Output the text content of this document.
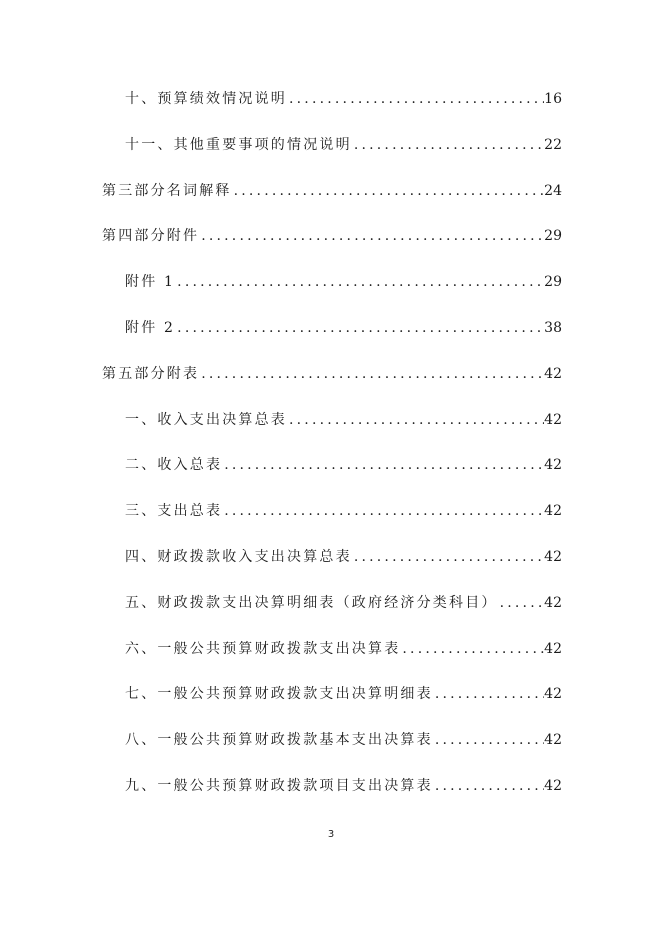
十、预算绩效情况说明 .....	16
十一、其他重要事项的情况说明 .....	22
第三部分名词解释 .....	24
第四部分附件 .....	29
附件 1 .....	29
附件 2 .....	38
第五部分附表 .....	42
一、收入支出决算总表 .....	42
二、收入总表 .....	42
三、支出总表 .....	42
四、财政拨款收入支出决算总表 .....	42
五、财政拨款支出决算明细表（政府经济分类科目） .....	42
六、一般公共预算财政拨款支出决算表 .....	42
七、一般公共预算财政拨款支出决算明细表 .....	42
八、一般公共预算财政拨款基本支出决算表 .....	42
九、一般公共预算财政拨款项目支出决算表 .....	42
3
